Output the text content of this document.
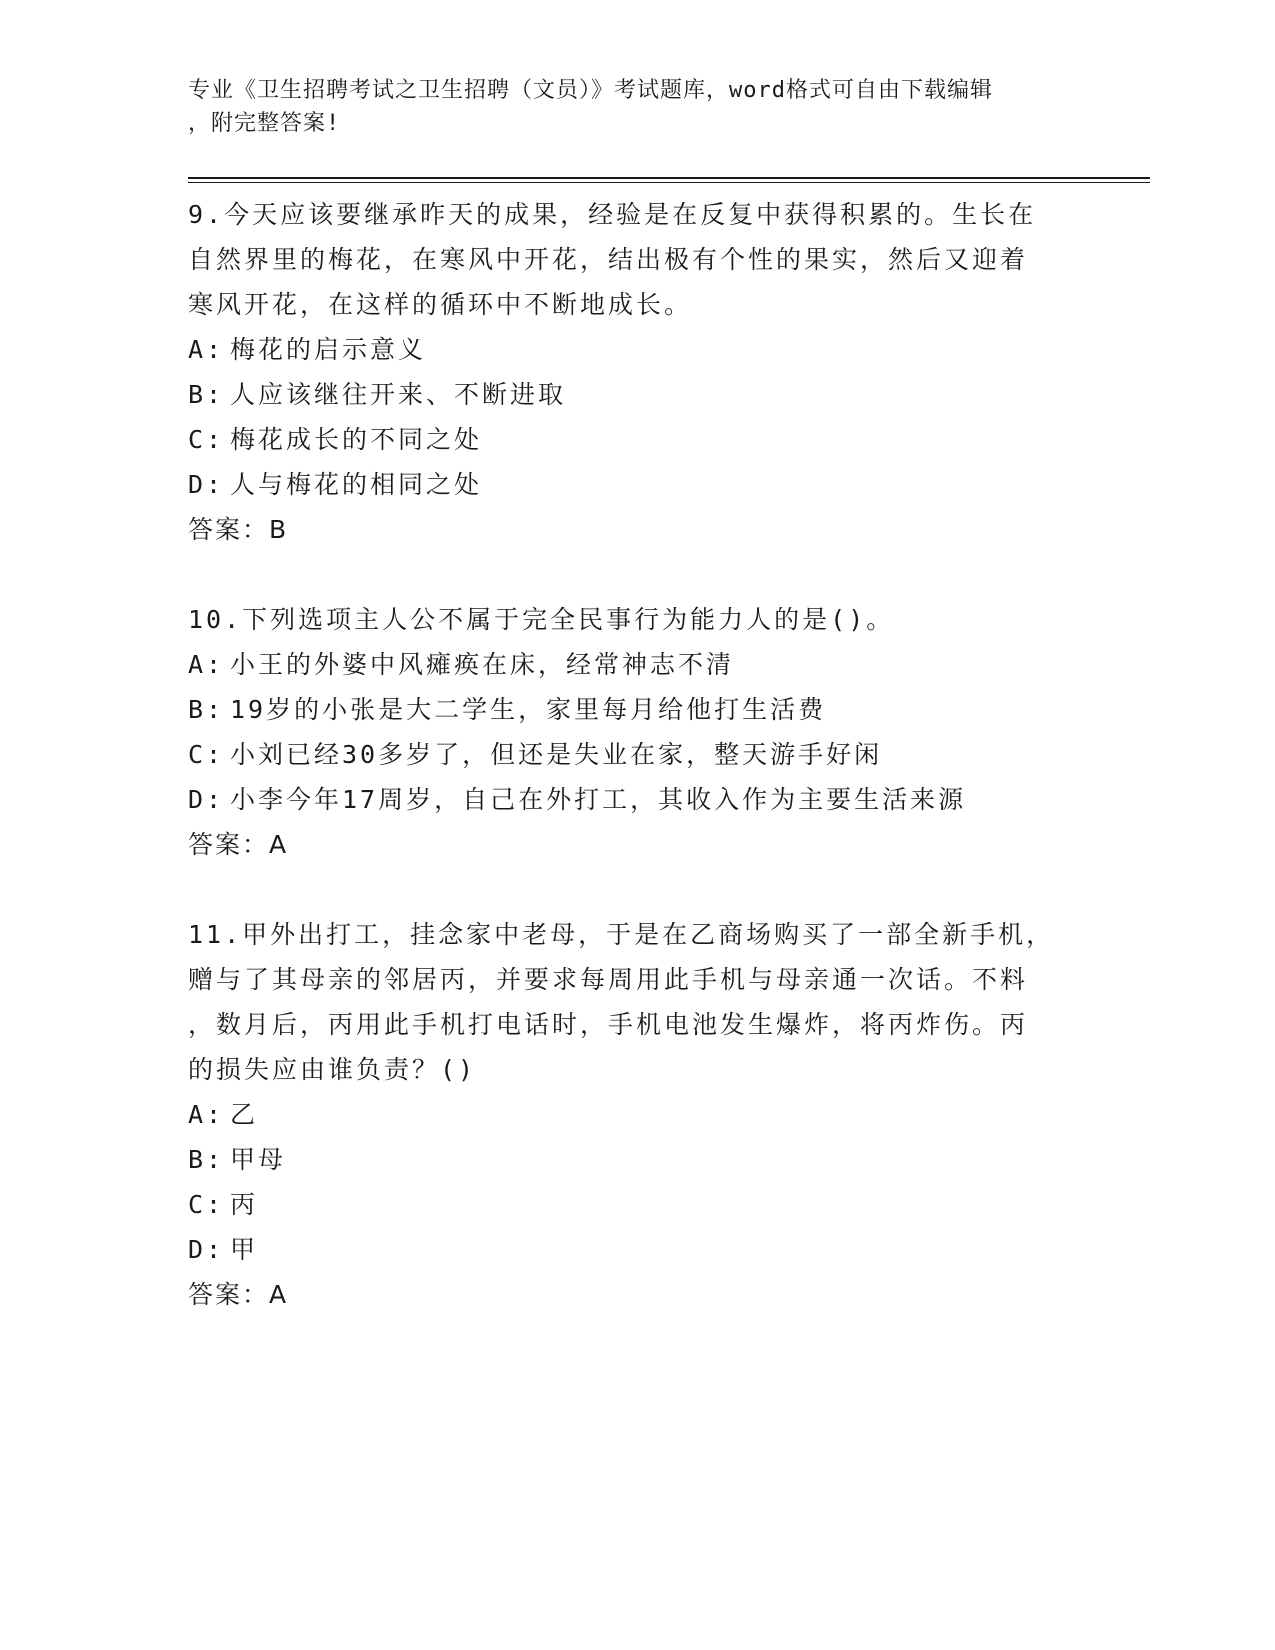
专业《卫生招聘考试之卫生招聘（文员）》考试题库，word格式可自由下载编辑
，附完整答案!

9.今天应该要继承昨天的成果，经验是在反复中获得积累的。生长在

自然界里的梅花，在寒风中开花，结出极有个性的果实，然后又迎着

寒风开花，在这样的循环中不断地成长。

A: 梅花的启示意义

B: 人应该继往开来、不断进取

C: 梅花成长的不同之处

D: 人与梅花的相同之处

答案：B

10.下列选项主人公不属于完全民事行为能力人的是()。

A: 小王的外婆中风瘫痪在床，经常神志不清

B: 19岁的小张是大二学生，家里每月给他打生活费

C: 小刘已经30多岁了，但还是失业在家，整天游手好闲

D: 小李今年17周岁，自己在外打工，其收入作为主要生活来源

答案：A

11.甲外出打工，挂念家中老母，于是在乙商场购买了一部全新手机，

赠与了其母亲的邻居丙，并要求每周用此手机与母亲通一次话。不料

，数月后，丙用此手机打电话时，手机电池发生爆炸，将丙炸伤。丙

的损失应由谁负责？()

A: 乙

B: 甲母

C: 丙

D: 甲

答案：A
